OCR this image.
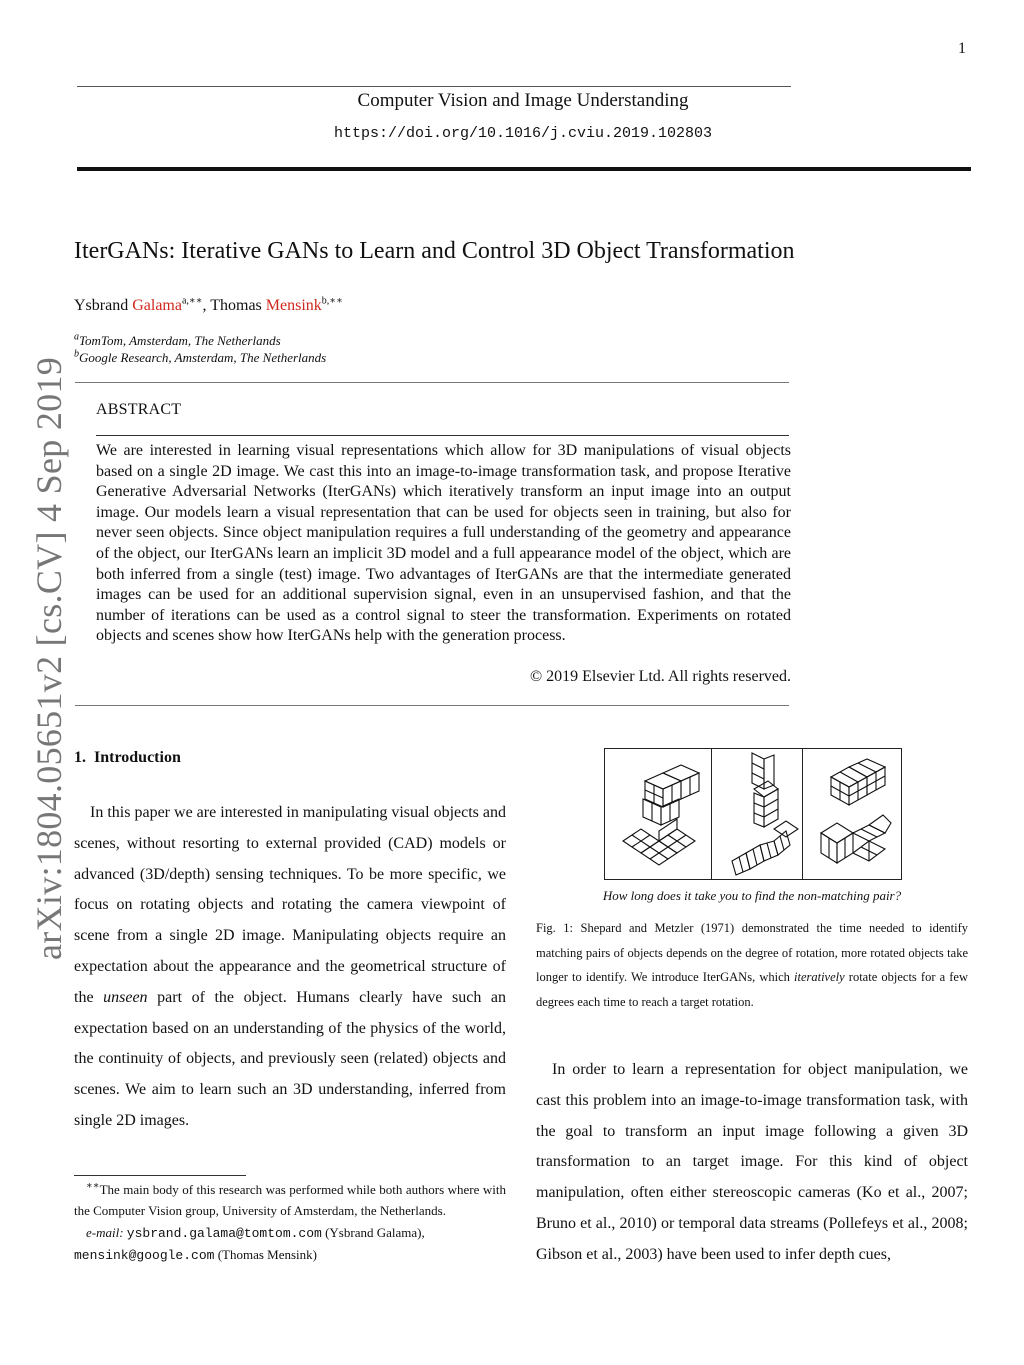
1
Computer Vision and Image Understanding
https://doi.org/10.1016/j.cviu.2019.102803
arXiv:1804.05651v2 [cs.CV] 4 Sep 2019
IterGANs: Iterative GANs to Learn and Control 3D Object Transformation
Ysbrand Galama$^{a,∗∗}$, Thomas Mensink$^{b,∗∗}$
$^a$TomTom, Amsterdam, The Netherlands
$^b$Google Research, Amsterdam, The Netherlands
ABSTRACT
We are interested in learning visual representations which allow for 3D manipulations of visual objects based on a single 2D image. We cast this into an image-to-image transformation task, and propose Iterative Generative Adversarial Networks (IterGANs) which iteratively transform an input image into an output image. Our models learn a visual representation that can be used for objects seen in training, but also for never seen objects. Since object manipulation requires a full understanding of the geometry and appearance of the object, our IterGANs learn an implicit 3D model and a full appearance model of the object, which are both inferred from a single (test) image. Two advantages of IterGANs are that the intermediate generated images can be used for an additional supervision signal, even in an unsupervised fashion, and that the number of iterations can be used as a control signal to steer the transformation. Experiments on rotated objects and scenes show how IterGANs help with the generation process.
© 2019 Elsevier Ltd. All rights reserved.
1.  Introduction
In this paper we are interested in manipulating visual objects and scenes, without resorting to external provided (CAD) models or advanced (3D/depth) sensing techniques. To be more specific, we focus on rotating objects and rotating the camera viewpoint of scene from a single 2D image. Manipulating objects require an expectation about the appearance and the geometrical structure of the unseen part of the object. Humans clearly have such an expectation based on an understanding of the physics of the world, the continuity of objects, and previously seen (related) objects and scenes. We aim to learn such an 3D understanding, inferred from single 2D images.
∗∗The main body of this research was performed while both authors where with the Computer Vision group, University of Amsterdam, the Netherlands.
e-mail: ysbrand.galama@tomtom.com (Ysbrand Galama),
mensink@google.com (Thomas Mensink)
How long does it take you to find the non-matching pair?
Fig. 1: Shepard and Metzler (1971) demonstrated the time needed to identify matching pairs of objects depends on the degree of rotation, more rotated objects take longer to identify. We introduce IterGANs, which iteratively rotate objects for a few degrees each time to reach a target rotation.
In order to learn a representation for object manipulation, we cast this problem into an image-to-image transformation task, with the goal to transform an input image following a given 3D transformation to an target image. For this kind of object manipulation, often either stereoscopic cameras (Ko et al., 2007; Bruno et al., 2010) or temporal data streams (Pollefeys et al., 2008; Gibson et al., 2003) have been used to infer depth cues,
